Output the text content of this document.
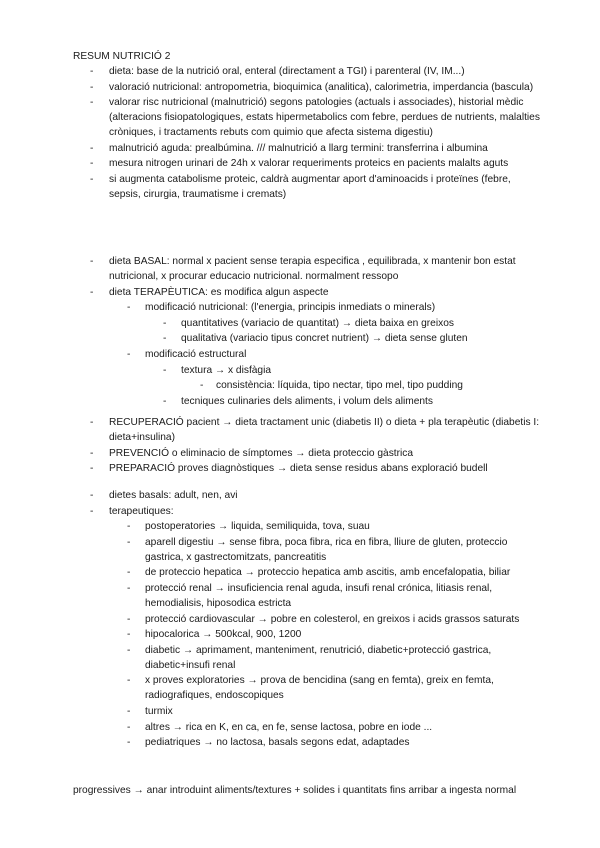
RESUM NUTRICIÓ 2
- dieta: base de la nutrició oral, enteral (directament a TGI) i parenteral (IV, IM...)
- valoració nutricional: antropometria, bioquimica (analitica), calorimetria, imperdancia (bascula)
- valorar risc nutricional (malnutrició) segons patologies (actuals i associades), historial mèdic (alteracions fisiopatologiques, estats hipermetabolics com febre, perdues de nutrients, malalties cròniques, i tractaments rebuts com quimio que afecta sistema digestiu)
- malnutrició aguda: prealbúmina. /// malnutrició a llarg termini: transferrina i albumina
- mesura nitrogen urinari de 24h x valorar requeriments proteics en pacients malalts aguts
- si augmenta catabolisme proteic, caldrà augmentar aport d'aminoacids i proteïnes (febre, sepsis, cirurgia, traumatisme i cremats)
- dieta BASAL: normal x pacient sense terapia especifica , equilibrada, x mantenir bon estat nutricional, x procurar educacio nutricional. normalment ressopo
- dieta TERAPÈUTICA: es modifica algun aspecte
- modificació nutricional: (l'energia, principis inmediats o minerals)
- quantitatives (variacio de quantitat) → dieta baixa en greixos
- qualitativa (variacio tipus concret nutrient) → dieta sense gluten
- modificació estructural
- textura → x disfàgia
- consistència: líquida, tipo nectar, tipo mel, tipo pudding
- tecniques culinaries dels aliments, i volum dels aliments
- RECUPERACIÓ pacient → dieta tractament unic (diabetis II) o dieta + pla terapèutic (diabetis I: dieta+insulina)
- PREVENCIÓ o eliminacio de símptomes → dieta proteccio gàstrica
- PREPARACIÓ proves diagnòstiques → dieta sense residus abans exploració budell
- dietes basals: adult, nen, avi
- terapeutiques:
- postoperatories → liquida, semiliquida, tova, suau
- aparell digestiu → sense fibra, poca fibra, rica en fibra, lliure de gluten, proteccio gastrica, x gastrectomitzats, pancreatitis
- de proteccio hepatica → proteccio hepatica amb ascitis, amb encefalopatia, biliar
- protecció renal → insuficiencia renal aguda, insufi renal crónica, litiasis renal, hemodialisis, hiposodica estricta
- protecció cardiovascular → pobre en colesterol, en greixos i acids grassos saturats
- hipocalorica → 500kcal, 900, 1200
- diabetic → aprimament, manteniment, renutrició, diabetic+protecció gastrica, diabetic+insufi renal
- x proves exploratories → prova de bencidina (sang en femta), greix en femta, radiografiques, endoscopiques
- turmix
- altres → rica en K, en ca, en fe, sense lactosa, pobre en iode ...
- pediatriques → no lactosa, basals segons edat, adaptades
progressives → anar introduint aliments/textures + solides i quantitats fins arribar a ingesta normal
